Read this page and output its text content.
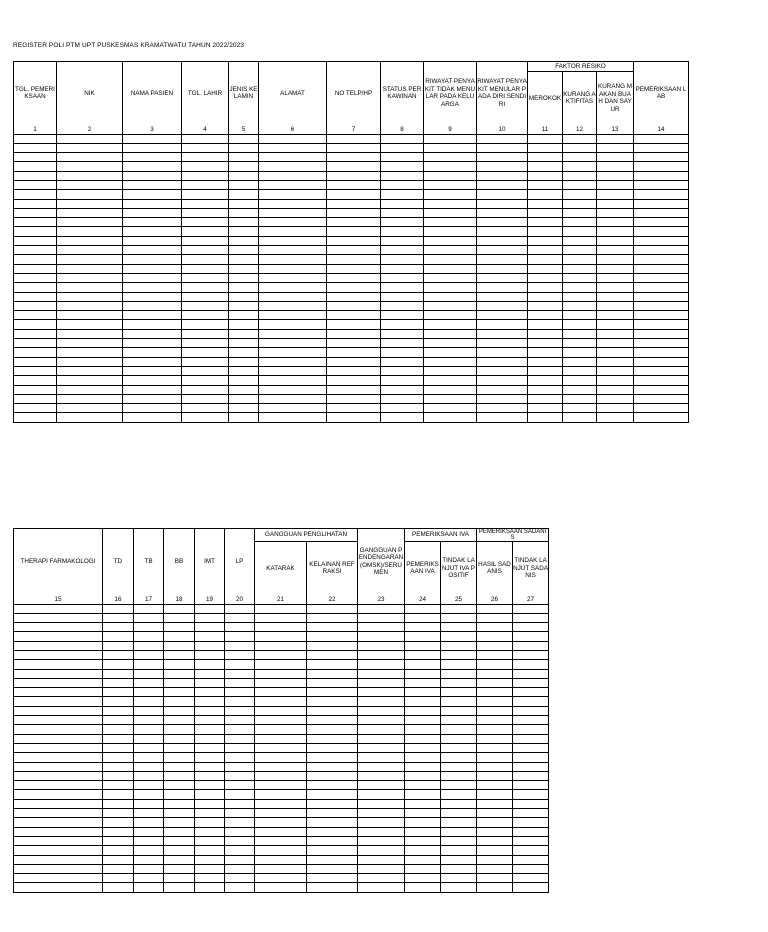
REGISTER POLI PTM UPT PUSKESMAS KRAMATWATU TAHUN 2022/2023
TGL. PEMERIKSAAN	NIK	NAMA PASIEN	TGL. LAHIR	JENIS KELAMIN	ALAMAT	NO TELP/HP	STATUS PERKAWINAN	RIWAYAT PENYAKIT TIDAK MENULAR PADA KELUARGA	RIWAYAT PENYAKIT MENULAR PADA DIRI SENDIRI	FAKTOR RESIKO			PEMERIKSAAN LAB
										MEROKOK	KURANG AKTIFITAS	KURANG MAKAN BUAH DAN SAYUR	
1	2	3	4	5	6	7	8	9	10	11	12	13	14

THERAPI FARMAKOLOGI	TD	TB	BB	IMT	LP	GANGGUAN PENGLIHATAN		GANGGUAN PENDENGARAN (OMSK)/SERUMEN	PEMERIKSAAN IVA		PEMERIKSAAN SADANIS	
						KATARAK	KELAINAN REFRAKSI		PEMERIKSAAN IVA	TINDAK LANJUT IVA POSITIF	HASIL SADANIS	TINDAK LANJUT SADANIS
15	16	17	18	19	20	21	22	23	24	25	26	27
